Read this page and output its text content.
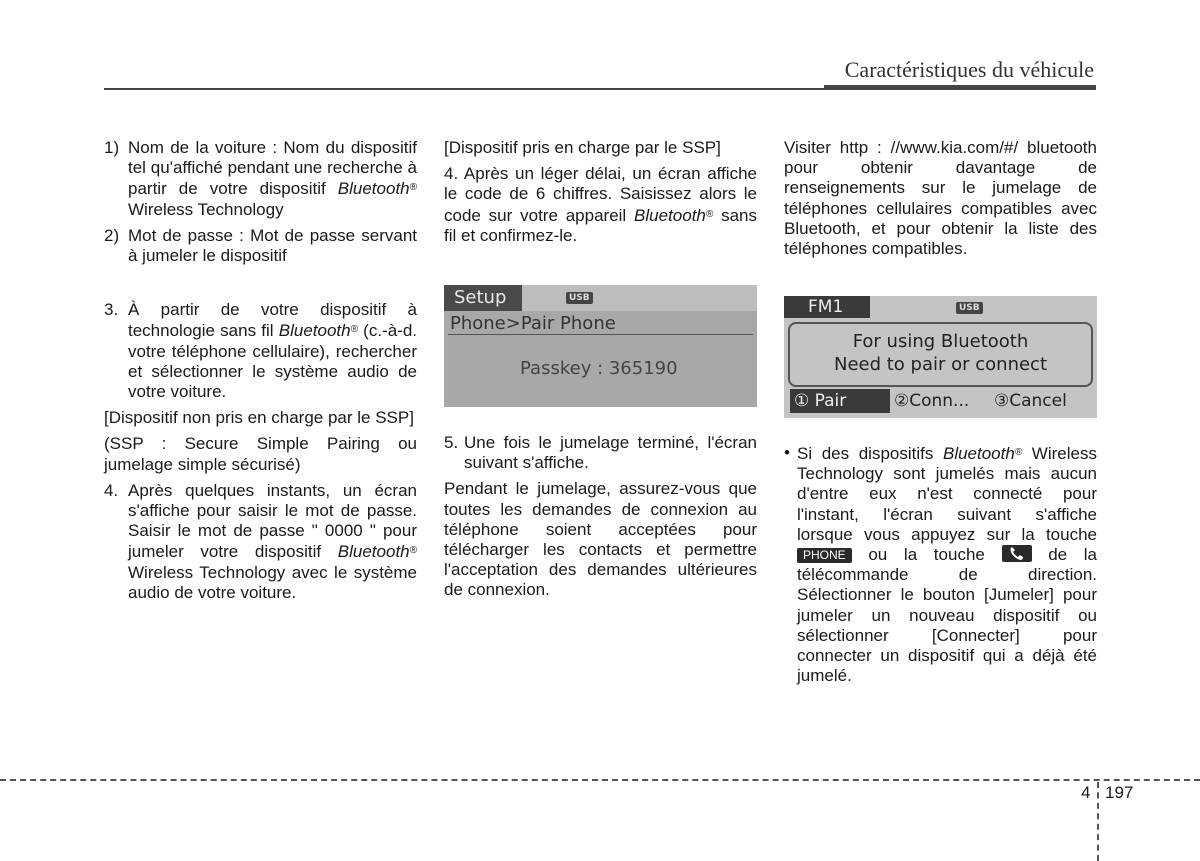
Caractéristiques du véhicule
1) Nom de la voiture : Nom du dispositif tel qu'affiché pendant une recherche à partir de votre dispositif Bluetooth® Wireless Technology
2) Mot de passe : Mot de passe servant à jumeler le dispositif
3. À partir de votre dispositif à technologie sans fil Bluetooth® (c.-à-d. votre téléphone cellulaire), rechercher et sélectionner le système audio de votre voiture.

[Dispositif non pris en charge par le SSP]

(SSP : Secure Simple Pairing ou jumelage simple sécurisé)

4. Après quelques instants, un écran s'affiche pour saisir le mot de passe. Saisir le mot de passe " 0000 " pour jumeler votre dispositif Bluetooth® Wireless Technology avec le système audio de votre voiture.

[Dispositif pris en charge par le SSP]

4. Après un léger délai, un écran affiche le code de 6 chiffres. Saisissez alors le code sur votre appareil Bluetooth® sans fil et confirmez-le.

Setup	USB
Phone>Pair Phone
Passkey : 365190
5. Une fois le jumelage terminé, l'écran suivant s'affiche.

Pendant le jumelage, assurez-vous que toutes les demandes de connexion au téléphone soient acceptées pour télécharger les contacts et permettre l'acceptation des demandes ultérieures de connexion.

Visiter http : //www.kia.com/#/ bluetooth pour obtenir davantage de renseignements sur le jumelage de téléphones cellulaires compatibles avec Bluetooth, et pour obtenir la liste des téléphones compatibles.

FM1	USB
For using Bluetooth
Need to pair or connect
① Pair	②Conn... ③Cancel
• Si des dispositifs Bluetooth® Wireless Technology sont jumelés mais aucun d'entre eux n'est connecté pour l'instant, l'écran suivant s'affiche lorsque vous appuyez sur la touche PHONE ou la touche	de la télécommande de direction. Sélectionner le bouton [Jumeler] pour jumeler un nouveau dispositif ou sélectionner [Connecter] pour connecter un dispositif qui a déjà été jumelé.
4 197
